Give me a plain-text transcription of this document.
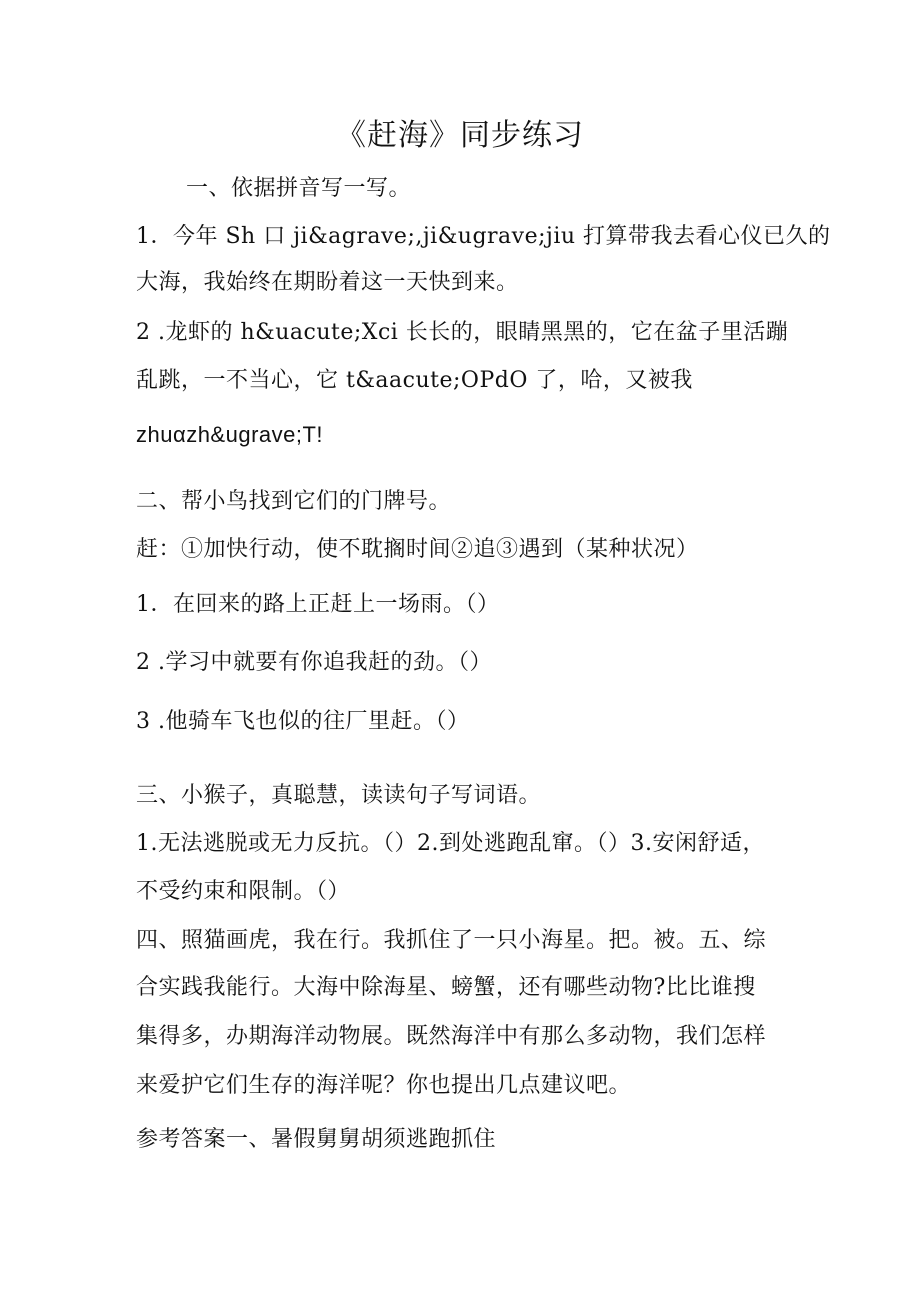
《赶海》同步练习
一、依据拼音写一写。
1．今年 Sh 口 ji&agrave;,ji&ugrave;jiu 打算带我去看心仪已久的
大海，我始终在期盼着这一天快到来。
2 .龙虾的 h&uacute;Xci 长长的，眼睛黑黑的，它在盆子里活蹦
乱跳，一不当心，它 t&aacute;OPdO 了，哈，又被我
zhuαzh&ugrave;T!
二、帮小鸟找到它们的门牌号。
赶：①加快行动，使不耽搁时间②追③遇到（某种状况）
1．在回来的路上正赶上一场雨。（）
2 .学习中就要有你追我赶的劲。（）
3 .他骑车飞也似的往厂里赶。（）
三、小猴子，真聪慧，读读句子写词语。
1.无法逃脱或无力反抗。（）2.到处逃跑乱窜。（）3.安闲舒适，
不受约束和限制。（）
四、照猫画虎，我在行。我抓住了一只小海星。把。被。五、综
合实践我能行。大海中除海星、螃蟹，还有哪些动物?比比谁搜
集得多，办期海洋动物展。既然海洋中有那么多动物，我们怎样
来爱护它们生存的海洋呢？你也提出几点建议吧。
参考答案一、暑假舅舅胡须逃跑抓住
